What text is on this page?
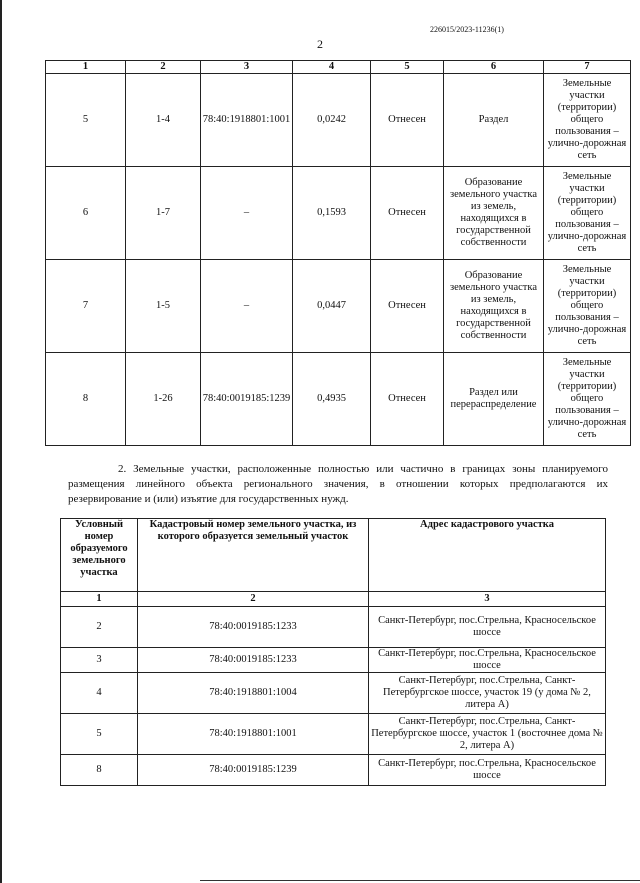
226015/2023-11236(1)
2
1	2	3	4	5	6	7
5	1-4	78:40:1918801:1001	0,0242	Отнесен	Раздел	Земельные участки (территории) общего пользования – улично-дорожная сеть
6	1-7	–	0,1593	Отнесен	Образование земельного участка из земель, находящихся в государственной собственности	Земельные участки (территории) общего пользования – улично-дорожная сеть
7	1-5	–	0,0447	Отнесен	Образование земельного участка из земель, находящихся в государственной собственности	Земельные участки (территории) общего пользования – улично-дорожная сеть
8	1-26	78:40:0019185:1239	0,4935	Отнесен	Раздел или перераспределение	Земельные участки (территории) общего пользования – улично-дорожная сеть
2. Земельные участки, расположенные полностью или частично в границах зоны планируемого размещения линейного объекта регионального значения, в отношении которых предполагаются их резервирование и (или) изъятие для государственных нужд.
Условный номер образуемого земельного участка	Кадастровый номер земельного участка, из которого образуется земельный участок	Адрес кадастрового участка
1	2	3
2	78:40:0019185:1233	Санкт-Петербург, пос.Стрельна, Красносельское шоссе
3	78:40:0019185:1233	Санкт-Петербург, пос.Стрельна, Красносельское шоссе
4	78:40:1918801:1004	Санкт-Петербург, пос.Стрельна, Санкт-Петербургское шоссе, участок 19 (у дома № 2, литера А)
5	78:40:1918801:1001	Санкт-Петербург, пос.Стрельна, Санкт-Петербургское шоссе, участок 1 (восточнее дома № 2, литера А)
8	78:40:0019185:1239	Санкт-Петербург, пос.Стрельна, Красносельское шоссе
